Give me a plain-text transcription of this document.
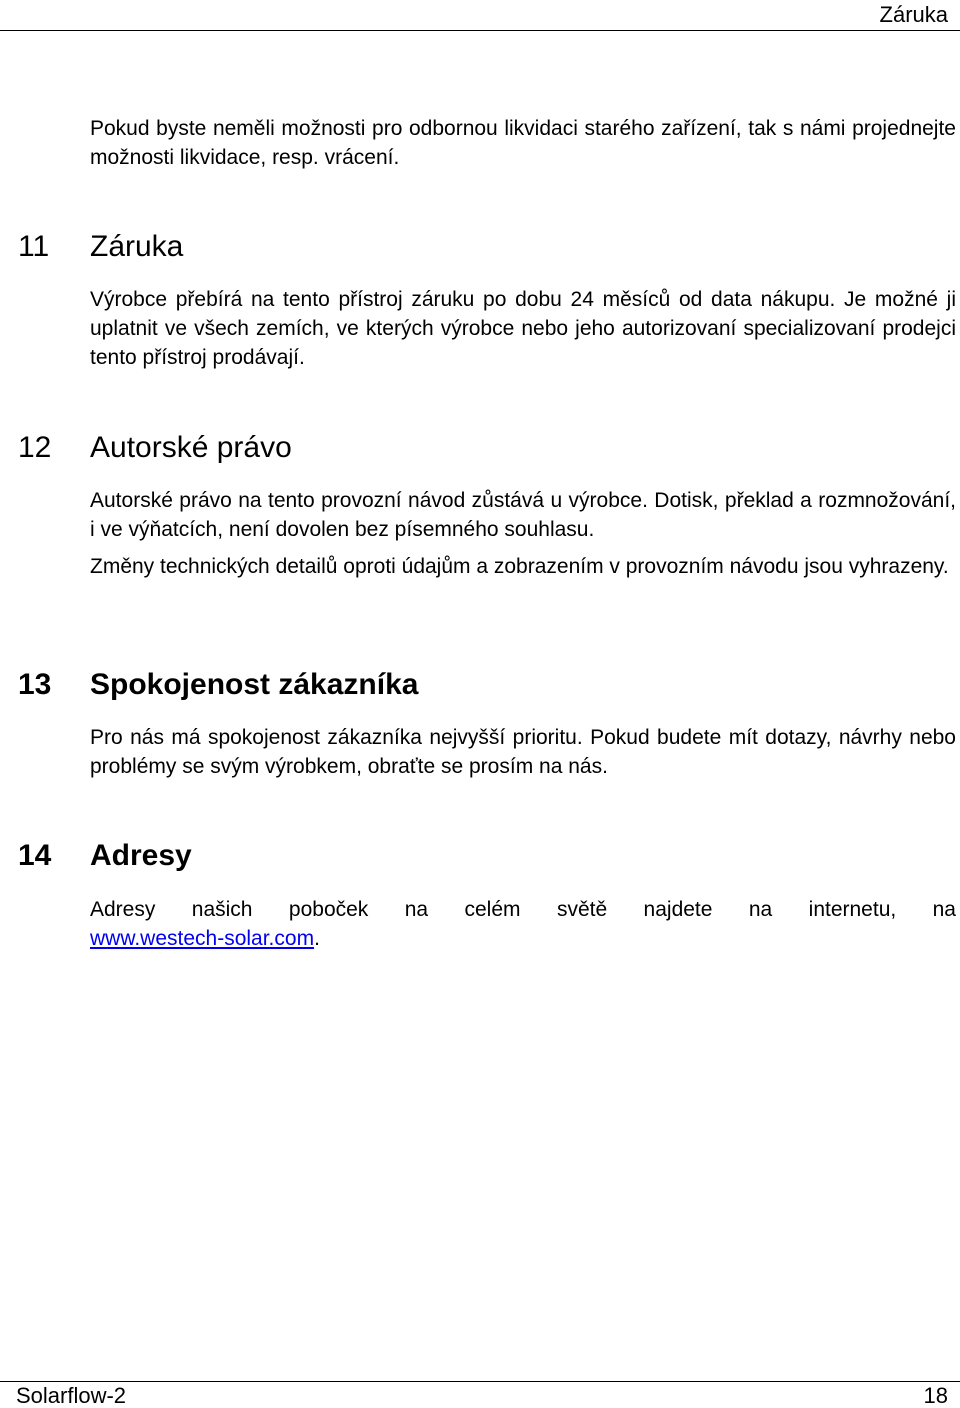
Záruka

Pokud byste neměli možnosti pro odbornou likvidaci starého zařízení, tak s námi projednejte možnosti likvidace, resp. vrácení.

11 Záruka

Výrobce přebírá na tento přístroj záruku po dobu 24 měsíců od data nákupu. Je možné ji uplatnit ve všech zemích, ve kterých výrobce nebo jeho autorizovaní specializovaní prodejci tento přístroj prodávají.

12 Autorské právo

Autorské právo na tento provozní návod zůstává u výrobce. Dotisk, překlad a rozmnožování, i ve výňatcích, není dovolen bez písemného souhlasu.

Změny technických detailů oproti údajům a zobrazením v provozním návodu jsou vyhrazeny.

13 Spokojenost zákazníka

Pro nás má spokojenost zákazníka nejvyšší prioritu. Pokud budete mít dotazy, návrhy nebo problémy se svým výrobkem, obraťte se prosím na nás.

14 Adresy

Adresy našich poboček na celém světě najdete na internetu, na

www.westech-solar.com.

Solarflow-2	18
